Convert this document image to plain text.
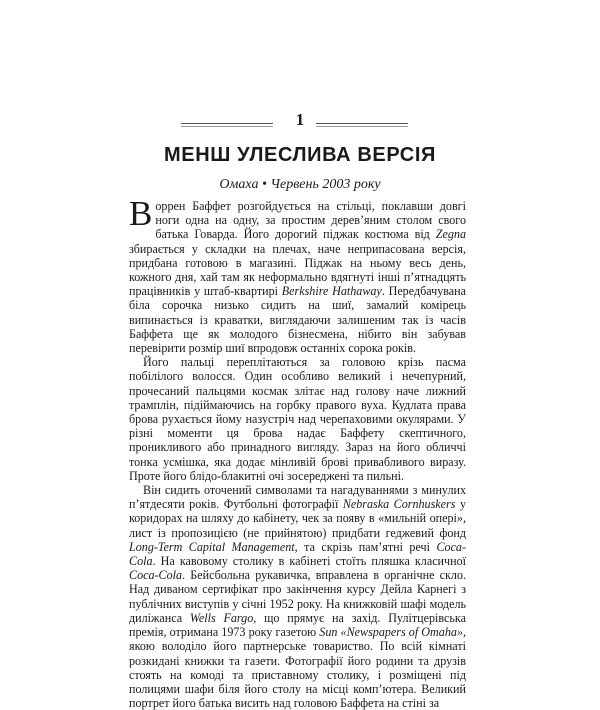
1
МЕНШ УЛЕСЛИВА ВЕРСІЯ
Омаха • Червень 2003 року

Воррен Баффет розгойдується на стільці, поклавши довгі ноги одна на одну, за простим дерев’яним столом свого батька Говарда. Його дорогий піджак костюма від Zegna збирається у складки на плечах, наче неприпасована версія, придбана готовою в магазині. Піджак на ньому весь день, кожного дня, хай там як неформально вдягнуті інші п’ятнадцять працівників у штаб-квартирі Berkshire Hathaway. Передбачувана біла сорочка низько сидить на шиї, замалий комірець випинається із краватки, виглядаючи залишеним так із часів Баффета ще як молодого бізнесмена, нібито він забував перевірити розмір шиї впродовж останніх сорока років.

Його пальці переплітаються за головою крізь пасма побілілого волосся. Один особливо великий і нечепурний, прочесаний пальцями космак злітає над голову наче лижний трамплін, підіймаючись на горбку правого вуха. Кудлата права брова рухається йому назустріч над черепаховими окулярами. У різні моменти ця брова надає Баффету скептичного, проникливого або принадного вигляду. Зараз на його обличчі тонка усмішка, яка додає мінливій брові привабливого виразу. Проте його блідо-блакитні очі зосереджені та пильні.

Він сидить оточений символами та нагадуваннями з минулих п’ятдесяти років. Футбольні фотографії Nebraska Cornhuskers у коридорах на шляху до кабінету, чек за появу в «мильній опері», лист із пропозицією (не прийнятою) придбати геджевий фонд Long-Term Capital Management, та скрізь пам’ятні речі Coca-Cola. На кавовому столику в кабінеті стоїть пляшка класичної Coca-Cola. Бейсбольна рукавичка, вправлена в органічне скло. Над диваном сертифікат про закінчення курсу Дейла Карнегі з публічних виступів у січні 1952 року. На книжковій шафі модель диліжанса Wells Fargo, що прямує на захід. Пулітцерівська премія, отримана 1973 року газетою Sun «Newspapers of Omaha», якою володіло його партнерське товариство. По всій кімнаті розкидані книжки та газети. Фотографії його родини та друзів стоять на комоді та приставному столику, і розміщені під полицями шафи біля його столу на місці комп’ютера. Великий портрет його батька висить над головою Баффета на стіні за
